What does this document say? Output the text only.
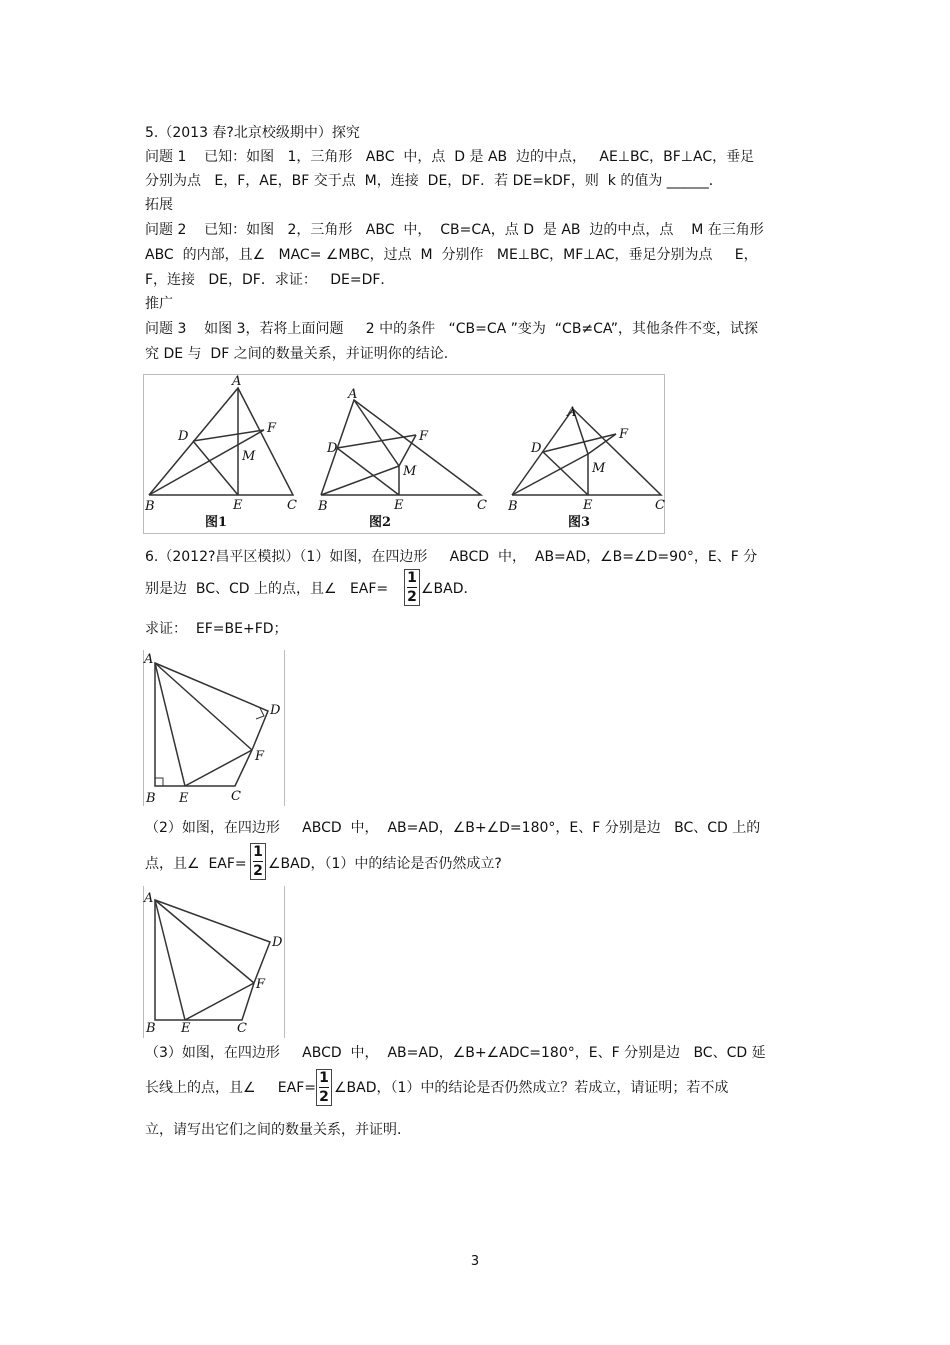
5.（2013 春?北京校级期中）探究
问题 1    已知：如图   1，三角形   ABC  中，点  D 是 AB  边的中点，   AE⊥BC，BF⊥AC，垂足
分别为点   E，F，AE，BF 交于点  M，连接  DE，DF．若 DE=kDF，则  k 的值为 ______．
拓展
问题 2    已知：如图   2，三角形   ABC  中，  CB=CA，点 D  是 AB  边的中点，点    M 在三角形
ABC  的内部，且∠   MAC= ∠MBC，过点  M  分别作   ME⊥BC，MF⊥AC，垂足分别为点     E，
F，连接   DE，DF．求证：   DE=DF．
推广
问题 3    如图 3，若将上面问题     2 中的条件   “CB=CA ”变为  “CB≠CA”，其他条件不变，试探
究 DE 与  DF 之间的数量关系，并证明你的结论.
A
D
F
M
B	E	C
图1
A
D
F
M
B	E	C
图2
A
D
F
M
B	E	C
图3
6.（2012?昌平区模拟）（1）如图，在四边形     ABCD  中，  AB=AD，∠B=∠D=90°，E、F 分
别是边  BC、CD 上的点，且∠   EAF=
1
2 ∠BAD．
求证：  EF=BE+FD；
A
D
F
B E	C
（2）如图，在四边形     ABCD  中，  AB=AD，∠B+∠D=180°，E、F 分别是边   BC、CD 上的
点，且∠  EAF=
1
2 ∠BAD，（1）中的结论是否仍然成立?
A
D
F
B E	C
（3）如图，在四边形     ABCD  中，  AB=AD，∠B+∠ADC=180°，E、F 分别是边   BC、CD 延
长线上的点，且∠     EAF=
1
2
∠BAD，（1）中的结论是否仍然成立？若成立，请证明；若不成
立，请写出它们之间的数量关系，并证明.
3
